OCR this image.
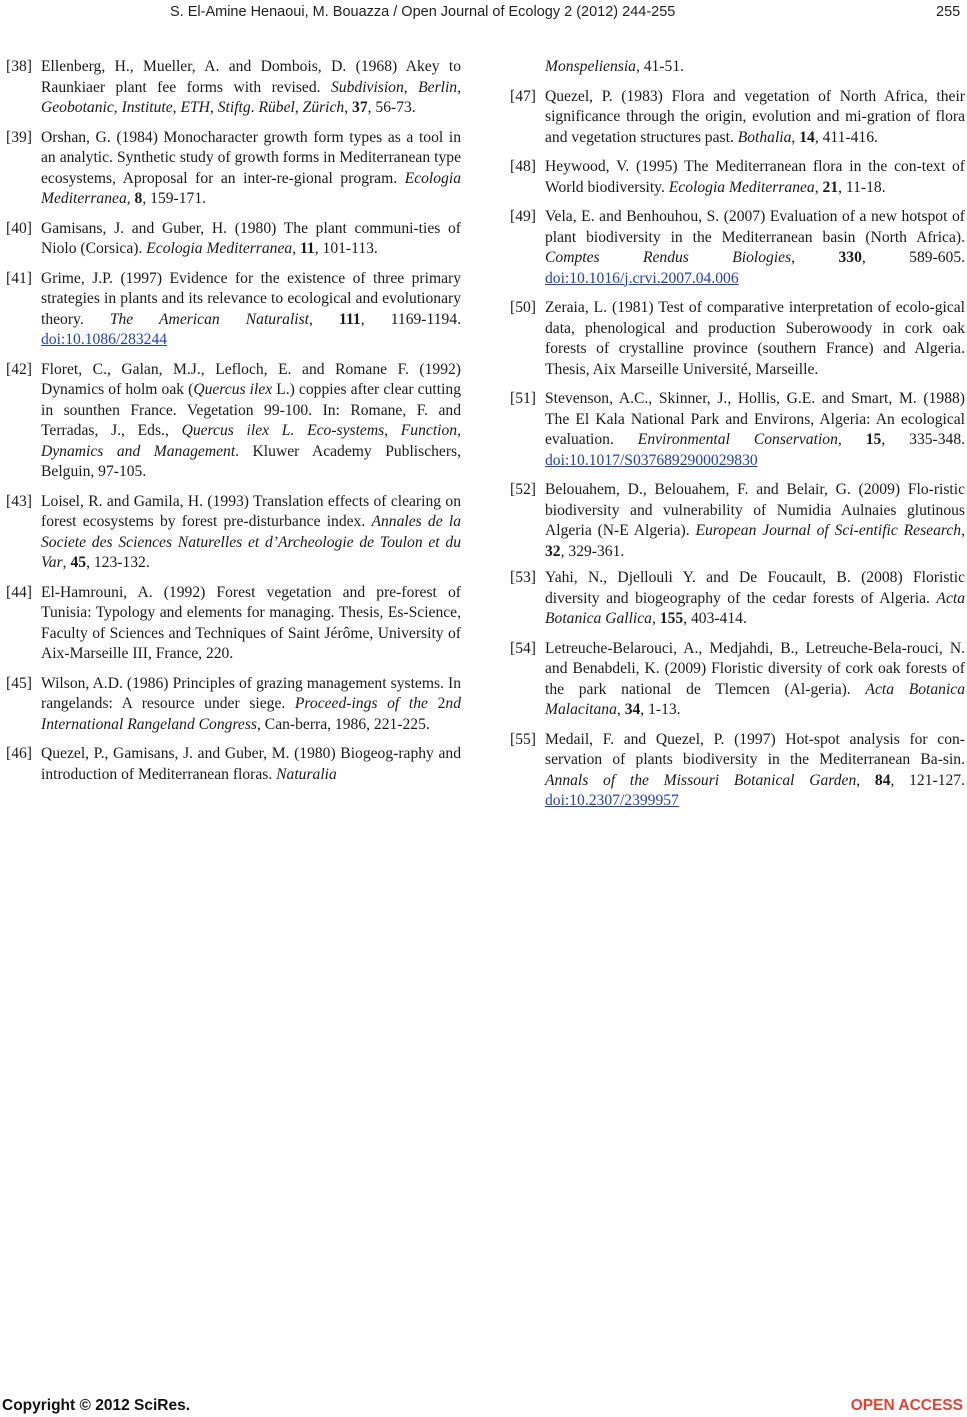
S. El-Amine Henaoui, M. Bouazza / Open Journal of Ecology 2 (2012) 244-255	255
[38] Ellenberg, H., Mueller, A. and Dombois, D. (1968) Akey to Raunkiaer plant fee forms with revised. Subdivision, Berlin, Geobotanic, Institute, ETH, Stiftg. Rübel, Zürich, 37, 56-73.
[39] Orshan, G. (1984) Monocharacter growth form types as a tool in an analytic. Synthetic study of growth forms in Mediterranean type ecosystems, Aproposal for an inter-re-gional program. Ecologia Mediterranea, 8, 159-171.
[40] Gamisans, J. and Guber, H. (1980) The plant communi-ties of Niolo (Corsica). Ecologia Mediterranea, 11, 101-113.
[41] Grime, J.P. (1997) Evidence for the existence of three primary strategies in plants and its relevance to ecological and evolutionary theory. The American Naturalist, 111, 1169-1194. doi:10.1086/283244
[42] Floret, C., Galan, M.J., Lefloch, E. and Romane F. (1992) Dynamics of holm oak (Quercus ilex L.) coppies after clear cutting in sounthen France. Vegetation 99-100. In: Romane, F. and Terradas, J., Eds., Quercus ilex L. Eco-systems, Function, Dynamics and Management. Kluwer Academy Publischers, Belguin, 97-105.
[43] Loisel, R. and Gamila, H. (1993) Translation effects of clearing on forest ecosystems by forest pre-disturbance index. Annales de la Societe des Sciences Naturelles et d’Archeologie de Toulon et du Var, 45, 123-132.
[44] El-Hamrouni, A. (1992) Forest vegetation and pre-forest of Tunisia: Typology and elements for managing. Thesis, Es-Science, Faculty of Sciences and Techniques of Saint Jérôme, University of Aix-Marseille III, France, 220.
[45] Wilson, A.D. (1986) Principles of grazing management systems. In rangelands: A resource under siege. Proceed-ings of the 2nd International Rangeland Congress, Can-berra, 1986, 221-225.
[46] Quezel, P., Gamisans, J. and Guber, M. (1980) Biogeog-raphy and introduction of Mediterranean floras. Naturalia
Monspeliensia, 41-51.
[47] Quezel, P. (1983) Flora and vegetation of North Africa, their significance through the origin, evolution and mi-gration of flora and vegetation structures past. Bothalia, 14, 411-416.
[48] Heywood, V. (1995) The Mediterranean flora in the con-text of World biodiversity. Ecologia Mediterranea, 21, 11-18.
[49] Vela, E. and Benhouhou, S. (2007) Evaluation of a new hotspot of plant biodiversity in the Mediterranean basin (North Africa). Comptes Rendus Biologies, 330, 589-605. doi:10.1016/j.crvi.2007.04.006
[50] Zeraia, L. (1981) Test of comparative interpretation of ecolo-gical data, phenological and production Suberowoody in cork oak forests of crystalline province (southern France) and Algeria. Thesis, Aix Marseille Université, Marseille.
[51] Stevenson, A.C., Skinner, J., Hollis, G.E. and Smart, M. (1988) The El Kala National Park and Environs, Algeria: An ecological evaluation. Environmental Conservation, 15, 335-348. doi:10.1017/S0376892900029830
[52] Belouahem, D., Belouahem, F. and Belair, G. (2009) Flo-ristic biodiversity and vulnerability of Numidia Aulnaies glutinous Algeria (N-E Algeria). European Journal of Sci-entific Research, 32, 329-361.
[53] Yahi, N., Djellouli Y. and De Foucault, B. (2008) Floristic diversity and biogeography of the cedar forests of Algeria. Acta Botanica Gallica, 155, 403-414.
[54] Letreuche-Belarouci, A., Medjahdi, B., Letreuche-Bela-rouci, N. and Benabdeli, K. (2009) Floristic diversity of cork oak forests of the park national de Tlemcen (Al-geria). Acta Botanica Malacitana, 34, 1-13.
[55] Medail, F. and Quezel, P. (1997) Hot-spot analysis for con-servation of plants biodiversity in the Mediterranean Ba-sin. Annals of the Missouri Botanical Garden, 84, 121-127. doi:10.2307/2399957
Copyright © 2012 SciRes.	OPEN ACCESS
